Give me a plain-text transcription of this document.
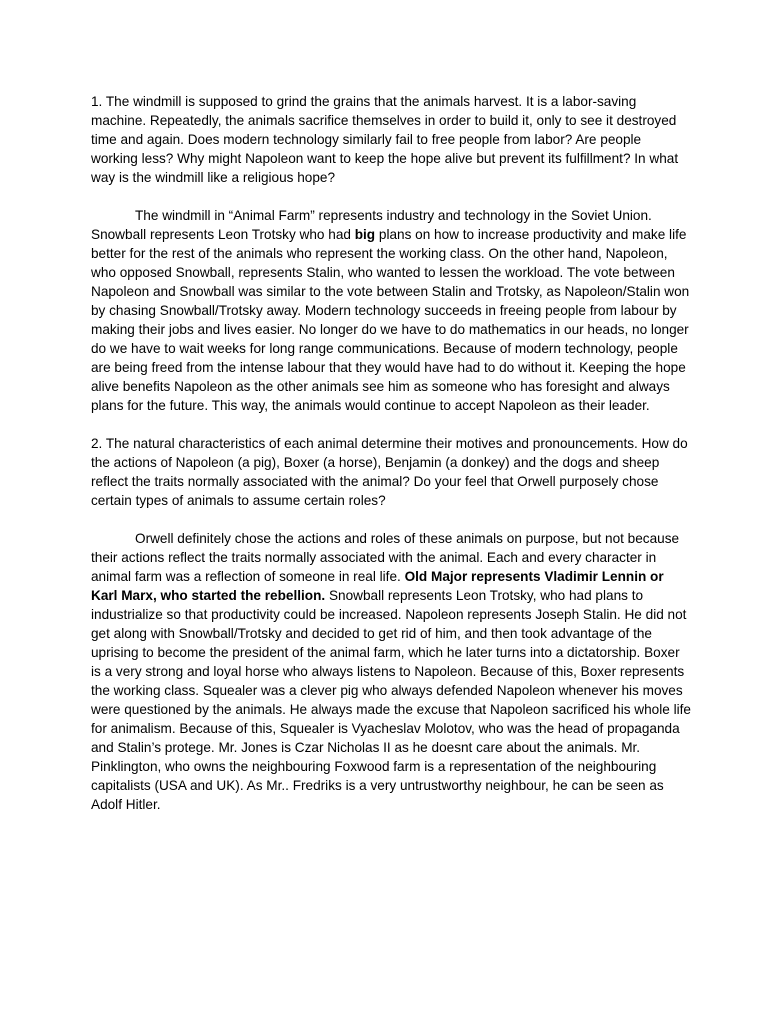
1. The windmill is supposed to grind the grains that the animals harvest. It is a labor-saving machine. Repeatedly, the animals sacrifice themselves in order to build it, only to see it destroyed time and again. Does modern technology similarly fail to free people from labor? Are people working less? Why might Napoleon want to keep the hope alive but prevent its fulfillment? In what way is the windmill like a religious hope?

The windmill in “Animal Farm” represents industry and technology in the Soviet Union. Snowball represents Leon Trotsky who had big plans on how to increase productivity and make life better for the rest of the animals who represent the working class. On the other hand, Napoleon, who opposed Snowball, represents Stalin, who wanted to lessen the workload. The vote between Napoleon and Snowball was similar to the vote between Stalin and Trotsky, as Napoleon/Stalin won by chasing Snowball/Trotsky away. Modern technology succeeds in freeing people from labour by making their jobs and lives easier. No longer do we have to do mathematics in our heads, no longer do we have to wait weeks for long range communications. Because of modern technology, people are being freed from the intense labour that they would have had to do without it. Keeping the hope alive benefits Napoleon as the other animals see him as someone who has foresight and always plans for the future. This way, the animals would continue to accept Napoleon as their leader.

2. The natural characteristics of each animal determine their motives and pronouncements. How do the actions of Napoleon (a pig), Boxer (a horse), Benjamin (a donkey) and the dogs and sheep reflect the traits normally associated with the animal? Do your feel that Orwell purposely chose certain types of animals to assume certain roles?

Orwell definitely chose the actions and roles of these animals on purpose, but not because their actions reflect the traits normally associated with the animal. Each and every character in animal farm was a reflection of someone in real life. Old Major represents Vladimir Lennin or Karl Marx, who started the rebellion. Snowball represents Leon Trotsky, who had plans to industrialize so that productivity could be increased. Napoleon represents Joseph Stalin. He did not get along with Snowball/Trotsky and decided to get rid of him, and then took advantage of the uprising to become the president of the animal farm, which he later turns into a dictatorship. Boxer is a very strong and loyal horse who always listens to Napoleon. Because of this, Boxer represents the working class. Squealer was a clever pig who always defended Napoleon whenever his moves were questioned by the animals. He always made the excuse that Napoleon sacrificed his whole life for animalism. Because of this, Squealer is Vyacheslav Molotov, who was the head of propaganda and Stalin’s protege. Mr. Jones is Czar Nicholas II as he doesnt care about the animals. Mr. Pinklington, who owns the neighbouring Foxwood farm is a representation of the neighbouring capitalists (USA and UK). As Mr.. Fredriks is a very untrustworthy neighbour, he can be seen as Adolf Hitler.
